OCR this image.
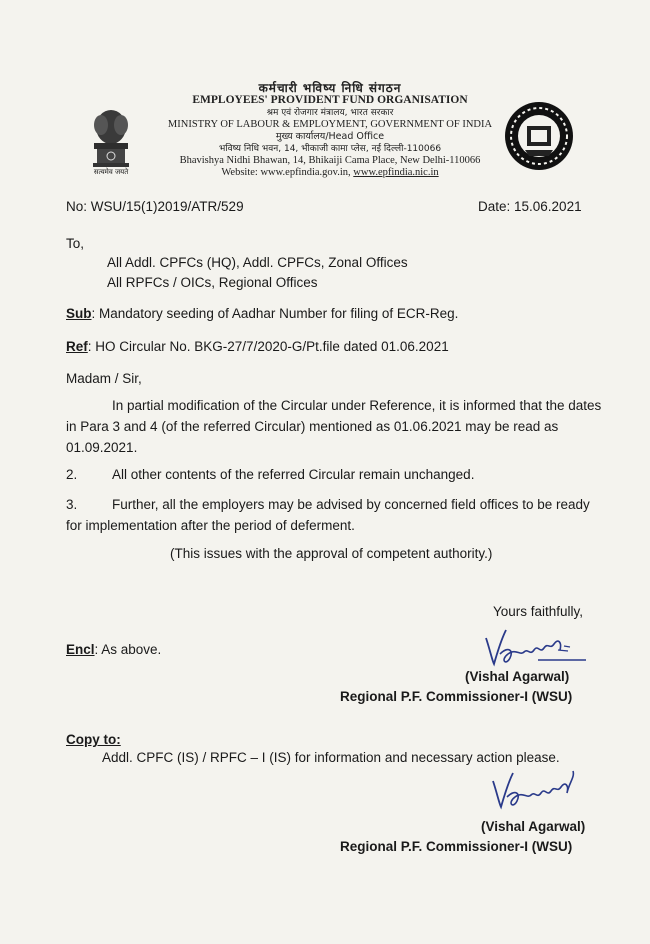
सत्यमेव जयते
कर्मचारी भविष्य निधि संगठन
EMPLOYEES' PROVIDENT FUND ORGANISATION
श्रम एवं रोजगार मंत्रालय, भारत सरकार
MINISTRY OF LABOUR & EMPLOYMENT, GOVERNMENT OF INDIA
मुख्य कार्यालय/Head Office
भविष्य निधि भवन, 14, भीकाजी कामा प्लेस, नई दिल्ली-110066
Bhavishya Nidhi Bhawan, 14, Bhikaiji Cama Place, New Delhi-110066
Website: www.epfindia.gov.in, www.epfindia.nic.in
No: WSU/15(1)2019/ATR/529	Date: 15.06.2021
To,
All Addl. CPFCs (HQ), Addl. CPFCs, Zonal Offices
All RPFCs / OICs, Regional Offices
Sub: Mandatory seeding of Aadhar Number for filing of ECR-Reg.
Ref: HO Circular No. BKG-27/7/2020-G/Pt.file dated 01.06.2021
Madam / Sir,
In partial modification of the Circular under Reference, it is informed that the dates
in Para 3 and 4 (of the referred Circular) mentioned as 01.06.2021 may be read as
01.09.2021.
2.	All other contents of the referred Circular remain unchanged.
3.	Further, all the employers may be advised by concerned field offices to be ready
for implementation after the period of deferment.
(This issues with the approval of competent authority.)
Yours faithfully,
(Vishal Agarwal)
Regional P.F. Commissioner-I (WSU)
Encl: As above.
Copy to:
Addl. CPFC (IS) / RPFC – I (IS) for information and necessary action please.
(Vishal Agarwal)
Regional P.F. Commissioner-I (WSU)
